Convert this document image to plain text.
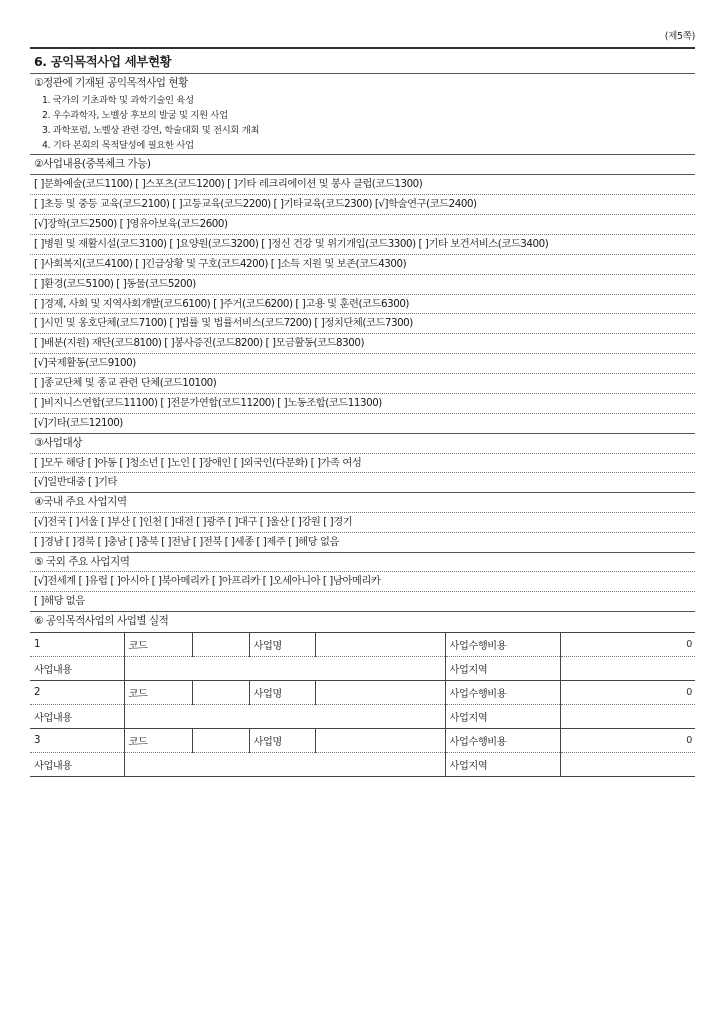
(제5쪽)
6. 공익목적사업 세부현황
①정관에 기재된 공익목적사업 현황
1. 국가의 기초과학 및 과학기술인 육성
2. 우수과학자, 노벨상 후보의 발굴 및 지원 사업
3. 과학포럼, 노벨상 관련 강연, 학술대회 및 전시회 개최
4. 기타 본회의 목적달성에 필요한 사업
②사업내용(중복체크 가능)
[ ]문화예술(코드1100) [ ]스포츠(코드1200) [ ]기타 레크리에이션 및 봉사 클럽(코드1300)
[ ]초등 및 중등 교육(코드2100) [ ]고등교육(코드2200) [ ]기타교육(코드2300) [√]학술연구(코드2400)
[√]장학(코드2500) [ ]영유아보육(코드2600)
[ ]병원 및 재활시설(코드3100) [ ]요양원(코드3200) [ ]정신 건강 및 위기개입(코드3300) [ ]기타 보건서비스(코드3400)
[ ]사회복지(코드4100) [ ]긴급상황 및 구호(코드4200) [ ]소득 지원 및 보존(코드4300)
[ ]환경(코드5100) [ ]동물(코드5200)
[ ]경제, 사회 및 지역사회개발(코드6100) [ ]주거(코드6200) [ ]고용 및 훈련(코드6300)
[ ]시민 및 옹호단체(코드7100) [ ]법률 및 법률서비스(코드7200) [ ]정치단체(코드7300)
[ ]배분(지원) 재단(코드8100) [ ]봉사증진(코드8200) [ ]모금활동(코드8300)
[√]국제활동(코드9100)
[ ]종교단체 및 종교 관련 단체(코드10100)
[ ]비지니스연합(코드11100) [ ]전문가연합(코드11200) [ ]노동조합(코드11300)
[√]기타(코드12100)
③사업대상
[ ]모두 해당 [ ]아동 [ ]청소년 [ ]노인 [ ]장애인 [ ]외국인(다문화) [ ]가족 여성
[√]일반대중 [ ]기타
④국내 주요 사업지역
[√]전국 [ ]서울 [ ]부산 [ ]인천 [ ]대전 [ ]광주 [ ]대구 [ ]울산 [ ]강원 [ ]경기
[ ]경남 [ ]경북 [ ]충남 [ ]충북 [ ]전남 [ ]전북 [ ]세종 [ ]제주 [ ]해당 없음
⑤ 국외 주요 사업지역
[√]전세계 [ ]유럽 [ ]아시아 [ ]북아메리카 [ ]아프리카 [ ]오세아니아 [ ]남아메리카
[ ]해당 없음
⑥ 공익목적사업의 사업별 실적
1	코드		사업명		사업수행비용	0
사업내용					사업지역	
2	코드		사업명		사업수행비용	0
사업내용					사업지역	
3	코드		사업명		사업수행비용	0
사업내용					사업지역	
